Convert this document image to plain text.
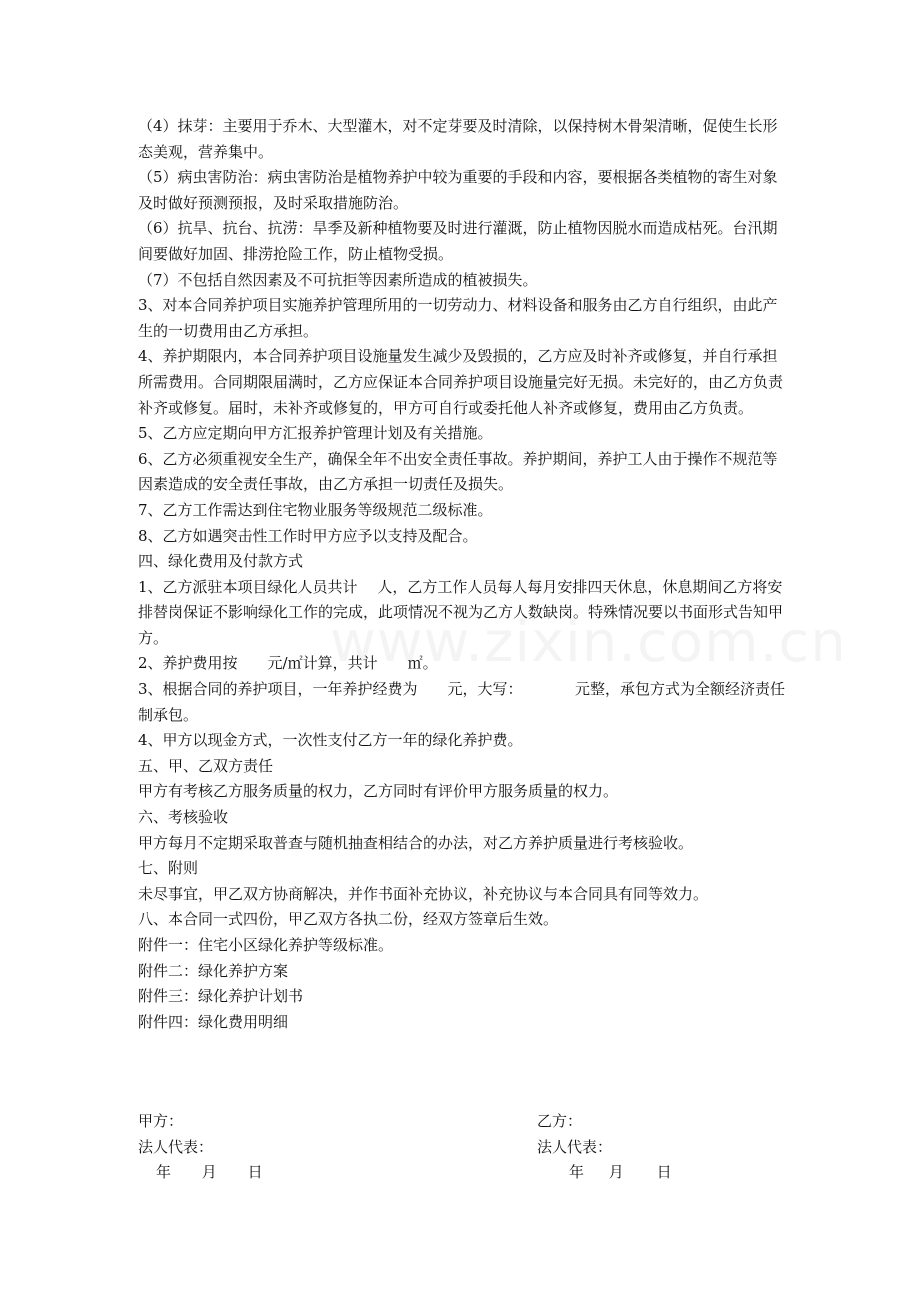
（4）抹芽：主要用于乔木、大型灌木，对不定芽要及时清除，以保持树木骨架清晰，促使生长形态美观，营养集中。

（5）病虫害防治：病虫害防治是植物养护中较为重要的手段和内容，要根据各类植物的寄生对象及时做好预测预报，及时采取措施防治。

（6）抗旱、抗台、抗涝：旱季及新种植物要及时进行灌溉，防止植物因脱水而造成枯死。台汛期间要做好加固、排涝抢险工作，防止植物受损。

（7）不包括自然因素及不可抗拒等因素所造成的植被损失。

3、对本合同养护项目实施养护管理所用的一切劳动力、材料设备和服务由乙方自行组织，由此产生的一切费用由乙方承担。

4、养护期限内，本合同养护项目设施量发生减少及毁损的，乙方应及时补齐或修复，并自行承担所需费用。合同期限届满时，乙方应保证本合同养护项目设施量完好无损。未完好的，由乙方负责补齐或修复。届时，未补齐或修复的，甲方可自行或委托他人补齐或修复，费用由乙方负责。

5、乙方应定期向甲方汇报养护管理计划及有关措施。

6、乙方必须重视安全生产，确保全年不出安全责任事故。养护期间，养护工人由于操作不规范等因素造成的安全责任事故，由乙方承担一切责任及损失。

7、乙方工作需达到住宅物业服务等级规范二级标准。

8、乙方如遇突击性工作时甲方应予以支持及配合。

四、绿化费用及付款方式

1、乙方派驻本项目绿化人员共计　 人，乙方工作人员每人每月安排四天休息，休息期间乙方将安排替岗保证不影响绿化工作的完成，此项情况不视为乙方人数缺岗。特殊情况要以书面形式告知甲方。

2、养护费用按　　元/㎡计算，共计　　㎡。

3、根据合同的养护项目，一年养护经费为　　元，大写：　　　　元整，承包方式为全额经济责任制承包。

4、甲方以现金方式，一次性支付乙方一年的绿化养护费。

五、甲、乙双方责任

甲方有考核乙方服务质量的权力，乙方同时有评价甲方服务质量的权力。

六、考核验收

甲方每月不定期采取普查与随机抽查相结合的办法，对乙方养护质量进行考核验收。

七、附则

未尽事宜，甲乙双方协商解决，并作书面补充协议，补充协议与本合同具有同等效力。

八、本合同一式四份，甲乙双方各执二份，经双方签章后生效。

附件一：住宅小区绿化养护等级标准。

附件二：绿化养护方案

附件三：绿化养护计划书

附件四：绿化费用明细

甲方：
法人代表：
年 月 日
乙方：
法人代表：
年 月 日
